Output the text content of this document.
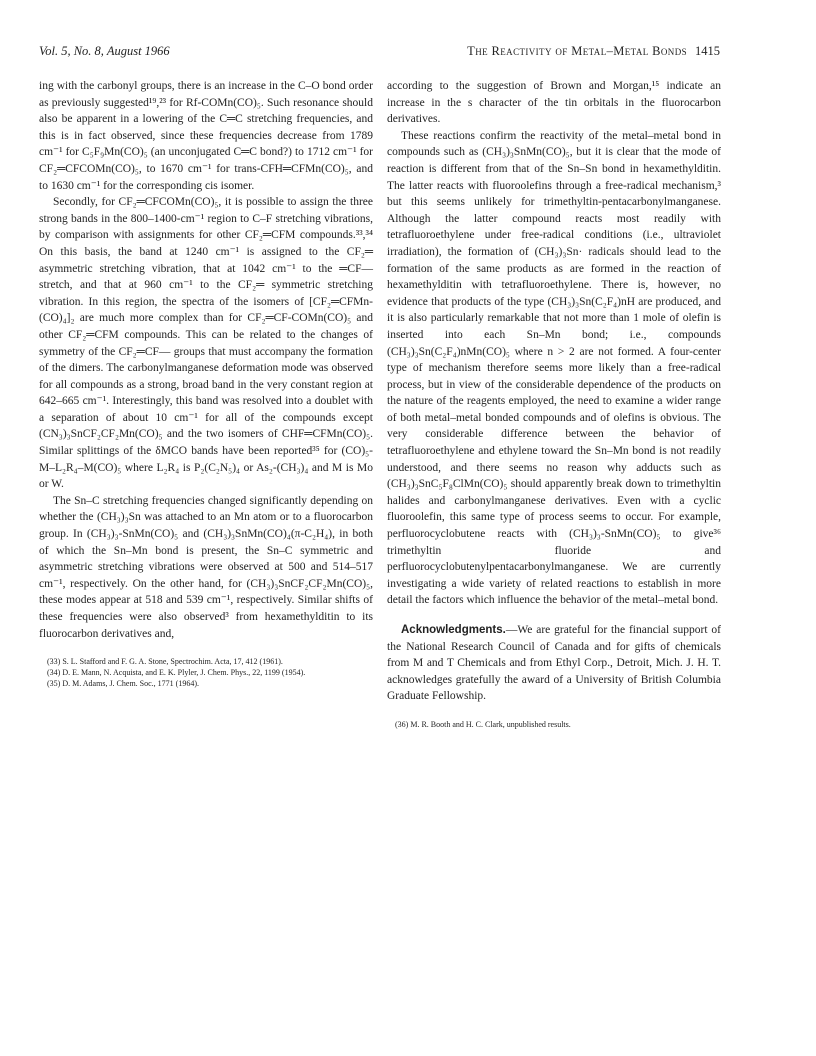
Vol. 5, No. 8, August 1966	The Reactivity of Metal–Metal Bonds 1415

ing with the carbonyl groups, there is an increase in the C–O bond order as previously suggested¹⁹,²³ for Rf-COMn(CO)₅. Such resonance should also be apparent in a lowering of the C═C stretching frequencies, and this is in fact observed, since these frequencies decrease from 1789 cm⁻¹ for C₅F₉Mn(CO)₅ (an unconjugated C═C bond?) to 1712 cm⁻¹ for CF₂═CFCOMn(CO)₅, to 1670 cm⁻¹ for trans-CFH═CFMn(CO)₅, and to 1630 cm⁻¹ for the corresponding cis isomer.

Secondly, for CF₂═CFCOMn(CO)₅, it is possible to assign the three strong bands in the 800–1400-cm⁻¹ region to C–F stretching vibrations, by comparison with assignments for other CF₂═CFM compounds.³³,³⁴ On this basis, the band at 1240 cm⁻¹ is assigned to the CF₂═ asymmetric stretching vibration, that at 1042 cm⁻¹ to the ═CF— stretch, and that at 960 cm⁻¹ to the CF₂═ symmetric stretching vibration. In this region, the spectra of the isomers of [CF₂═CFMn-(CO)₄]₂ are much more complex than for CF₂═CF-COMn(CO)₅ and other CF₂═CFM compounds. This can be related to the changes of symmetry of the CF₂═CF— groups that must accompany the formation of the dimers. The carbonylmanganese deformation mode was observed for all compounds as a strong, broad band in the very constant region at 642–665 cm⁻¹. Interestingly, this band was resolved into a doublet with a separation of about 10 cm⁻¹ for all of the compounds except (CN₃)₃SnCF₂CF₂Mn(CO)₅ and the two isomers of CHF═CFMn(CO)₅. Similar splittings of the δMCO bands have been reported³⁵ for (CO)₅-M–L₂R₄–M(CO)₅ where L₂R₄ is P₂(C₂N₅)₄ or As₂-(CH₃)₄ and M is Mo or W.

The Sn–C stretching frequencies changed significantly depending on whether the (CH₃)₃Sn was attached to an Mn atom or to a fluorocarbon group. In (CH₃)₃-SnMn(CO)₅ and (CH₃)₃SnMn(CO)₄(π-C₂H₄), in both of which the Sn–Mn bond is present, the Sn–C symmetric and asymmetric stretching vibrations were observed at 500 and 514–517 cm⁻¹, respectively. On the other hand, for (CH₃)₃SnCF₂CF₂Mn(CO)₅, these modes appear at 518 and 539 cm⁻¹, respectively. Similar shifts of these frequencies were also observed³ from hexamethylditin to its fluorocarbon derivatives and,

(33) S. L. Stafford and F. G. A. Stone, Spectrochim. Acta, 17, 412 (1961).

(34) D. E. Mann, N. Acquista, and E. K. Plyler, J. Chem. Phys., 22, 1199 (1954).

(35) D. M. Adams, J. Chem. Soc., 1771 (1964).

according to the suggestion of Brown and Morgan,¹⁵ indicate an increase in the s character of the tin orbitals in the fluorocarbon derivatives.

These reactions confirm the reactivity of the metal–metal bond in compounds such as (CH₃)₃SnMn(CO)₅, but it is clear that the mode of reaction is different from that of the Sn–Sn bond in hexamethylditin. The latter reacts with fluoroolefins through a free-radical mechanism,³ but this seems unlikely for trimethyltin-pentacarbonylmanganese. Although the latter compound reacts most readily with tetrafluoroethylene under free-radical conditions (i.e., ultraviolet irradiation), the formation of (CH₃)₃Sn· radicals should lead to the formation of the same products as are formed in the reaction of hexamethylditin with tetrafluoroethylene. There is, however, no evidence that products of the type (CH₃)₃Sn(C₂F₄)nH are produced, and it is also particularly remarkable that not more than 1 mole of olefin is inserted into each Sn–Mn bond; i.e., compounds (CH₃)₃Sn(C₂F₄)nMn(CO)₅ where n > 2 are not formed. A four-center type of mechanism therefore seems more likely than a free-radical process, but in view of the considerable dependence of the products on the nature of the reagents employed, the need to examine a wider range of both metal–metal bonded compounds and of olefins is obvious. The very considerable difference between the behavior of tetrafluoroethylene and ethylene toward the Sn–Mn bond is not readily understood, and there seems no reason why adducts such as (CH₃)₃SnC₅F₈ClMn(CO)₅ should apparently break down to trimethyltin halides and carbonylmanganese derivatives. Even with a cyclic fluoroolefin, this same type of process seems to occur. For example, perfluorocyclobutene reacts with (CH₃)₃-SnMn(CO)₅ to give³⁶ trimethyltin fluoride and perfluorocyclobutenylpentacarbonylmanganese. We are currently investigating a wide variety of related reactions to establish in more detail the factors which influence the behavior of the metal–metal bond.

Acknowledgments.—We are grateful for the financial support of the National Research Council of Canada and for gifts of chemicals from M and T Chemicals and from Ethyl Corp., Detroit, Mich. J. H. T. acknowledges gratefully the award of a University of British Columbia Graduate Fellowship.

(36) M. R. Booth and H. C. Clark, unpublished results.
